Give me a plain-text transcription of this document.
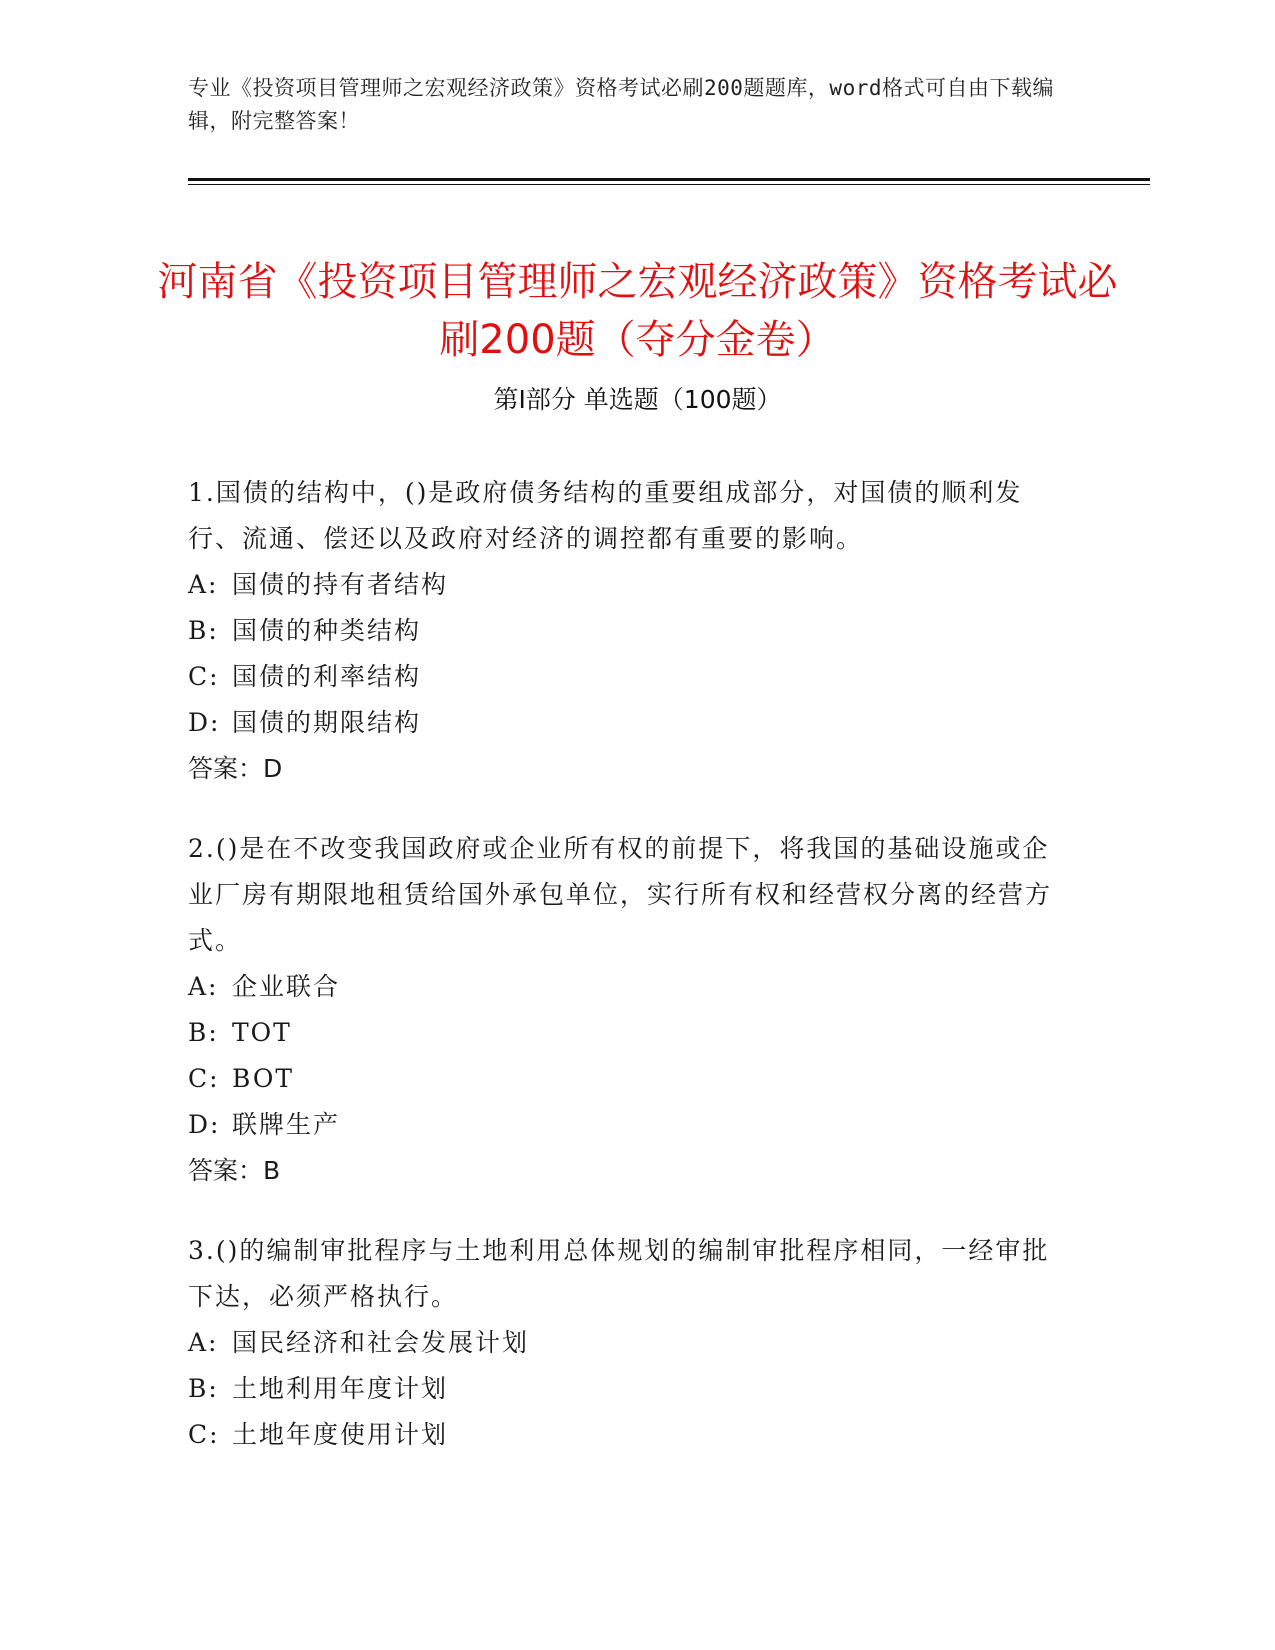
专业《投资项目管理师之宏观经济政策》资格考试必刷200题题库，word格式可自由下载编辑，附完整答案！
河南省《投资项目管理师之宏观经济政策》资格考试必刷200题（夺分金卷）
第Ⅰ部分 单选题（100题）

1.国债的结构中，()是政府债务结构的重要组成部分，对国债的顺利发行、流通、偿还以及政府对经济的调控都有重要的影响。

A: 国债的持有者结构
B: 国债的种类结构
C: 国债的利率结构
D: 国债的期限结构

答案：D

2.()是在不改变我国政府或企业所有权的前提下，将我国的基础设施或企业厂房有期限地租赁给国外承包单位，实行所有权和经营权分离的经营方式。

A: 企业联合
B: TOT
C: BOT
D: 联牌生产

答案：B

3.()的编制审批程序与土地利用总体规划的编制审批程序相同，一经审批下达，必须严格执行。

A: 国民经济和社会发展计划
B: 土地利用年度计划
C: 土地年度使用计划
